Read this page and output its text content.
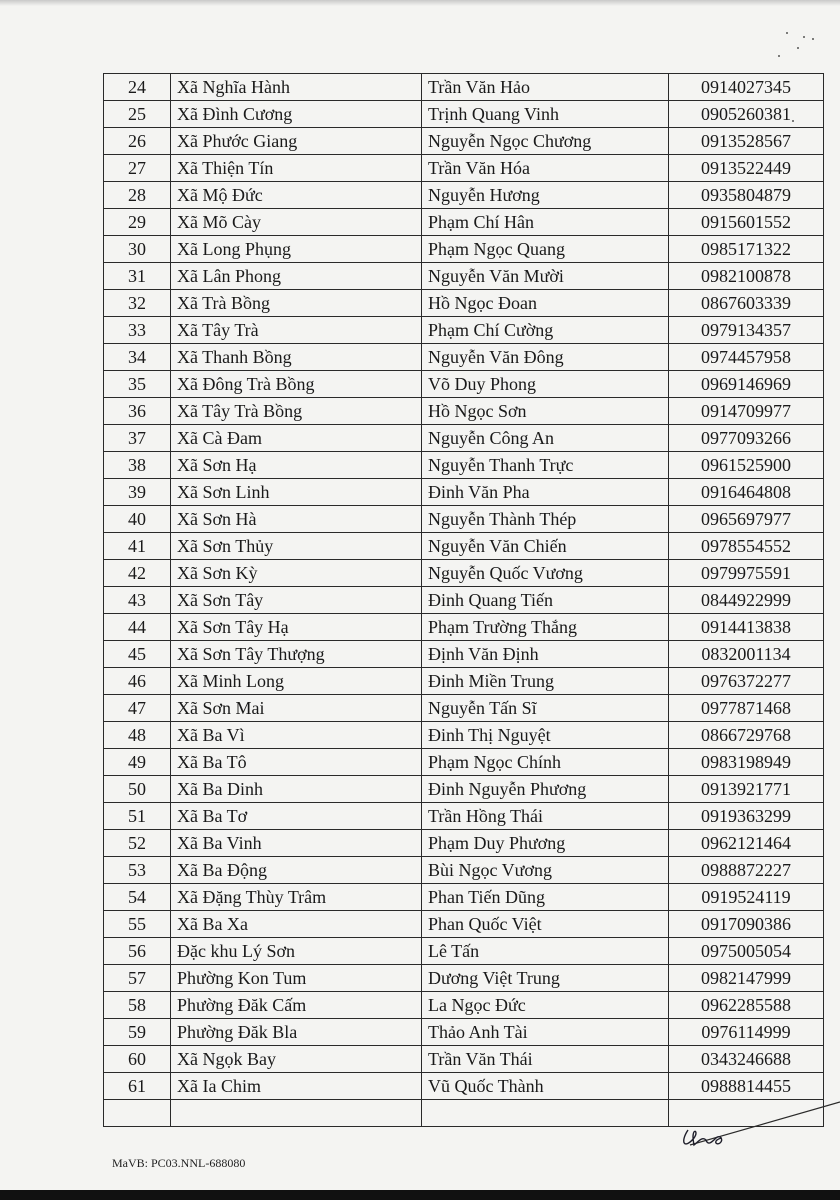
24	Xã Nghĩa Hành	Trần Văn Hảo	0914027345
25	Xã Đình Cương	Trịnh Quang Vinh	0905260381
26	Xã Phước Giang	Nguyễn Ngọc Chương	0913528567
27	Xã Thiện Tín	Trần Văn Hóa	0913522449
28	Xã Mộ Đức	Nguyễn Hương	0935804879
29	Xã Mõ Cày	Phạm Chí Hân	0915601552
30	Xã Long Phụng	Phạm Ngọc Quang	0985171322
31	Xã Lân Phong	Nguyễn Văn Mười	0982100878
32	Xã Trà Bồng	Hồ Ngọc Đoan	0867603339
33	Xã Tây Trà	Phạm Chí Cường	0979134357
34	Xã Thanh Bồng	Nguyễn Văn Đông	0974457958
35	Xã Đông Trà Bồng	Võ Duy Phong	0969146969
36	Xã Tây Trà Bồng	Hồ Ngọc Sơn	0914709977
37	Xã Cà Đam	Nguyễn Công An	0977093266
38	Xã Sơn Hạ	Nguyễn Thanh Trực	0961525900
39	Xã Sơn Linh	Đinh Văn Pha	0916464808
40	Xã Sơn Hà	Nguyễn Thành Thép	0965697977
41	Xã Sơn Thủy	Nguyễn Văn Chiến	0978554552
42	Xã Sơn Kỳ	Nguyễn Quốc Vương	0979975591
43	Xã Sơn Tây	Đinh Quang Tiến	0844922999
44	Xã Sơn Tây Hạ	Phạm Trường Thắng	0914413838
45	Xã Sơn Tây Thượng	Định Văn Định	0832001134
46	Xã Minh Long	Đinh Miền Trung	0976372277
47	Xã Sơn Mai	Nguyễn Tấn Sĩ	0977871468
48	Xã Ba Vì	Đinh Thị Nguyệt	0866729768
49	Xã Ba Tô	Phạm Ngọc Chính	0983198949
50	Xã Ba Dinh	Đinh Nguyễn Phương	0913921771
51	Xã Ba Tơ	Trần Hồng Thái	0919363299
52	Xã Ba Vinh	Phạm Duy Phương	0962121464
53	Xã Ba Động	Bùi Ngọc Vương	0988872227
54	Xã Đặng Thùy Trâm	Phan Tiến Dũng	0919524119
55	Xã Ba Xa	Phan Quốc Việt	0917090386
56	Đặc khu Lý Sơn	Lê Tấn	0975005054
57	Phường Kon Tum	Dương Việt Trung	0982147999
58	Phường Đăk Cấm	La Ngọc Đức	0962285588
59	Phường Đăk Bla	Thảo Anh Tài	0976114999
60	Xã Ngọk Bay	Trần Văn Thái	0343246688
61	Xã Ia Chim	Vũ Quốc Thành	0988814455

MaVB: PC03.NNL-688080
